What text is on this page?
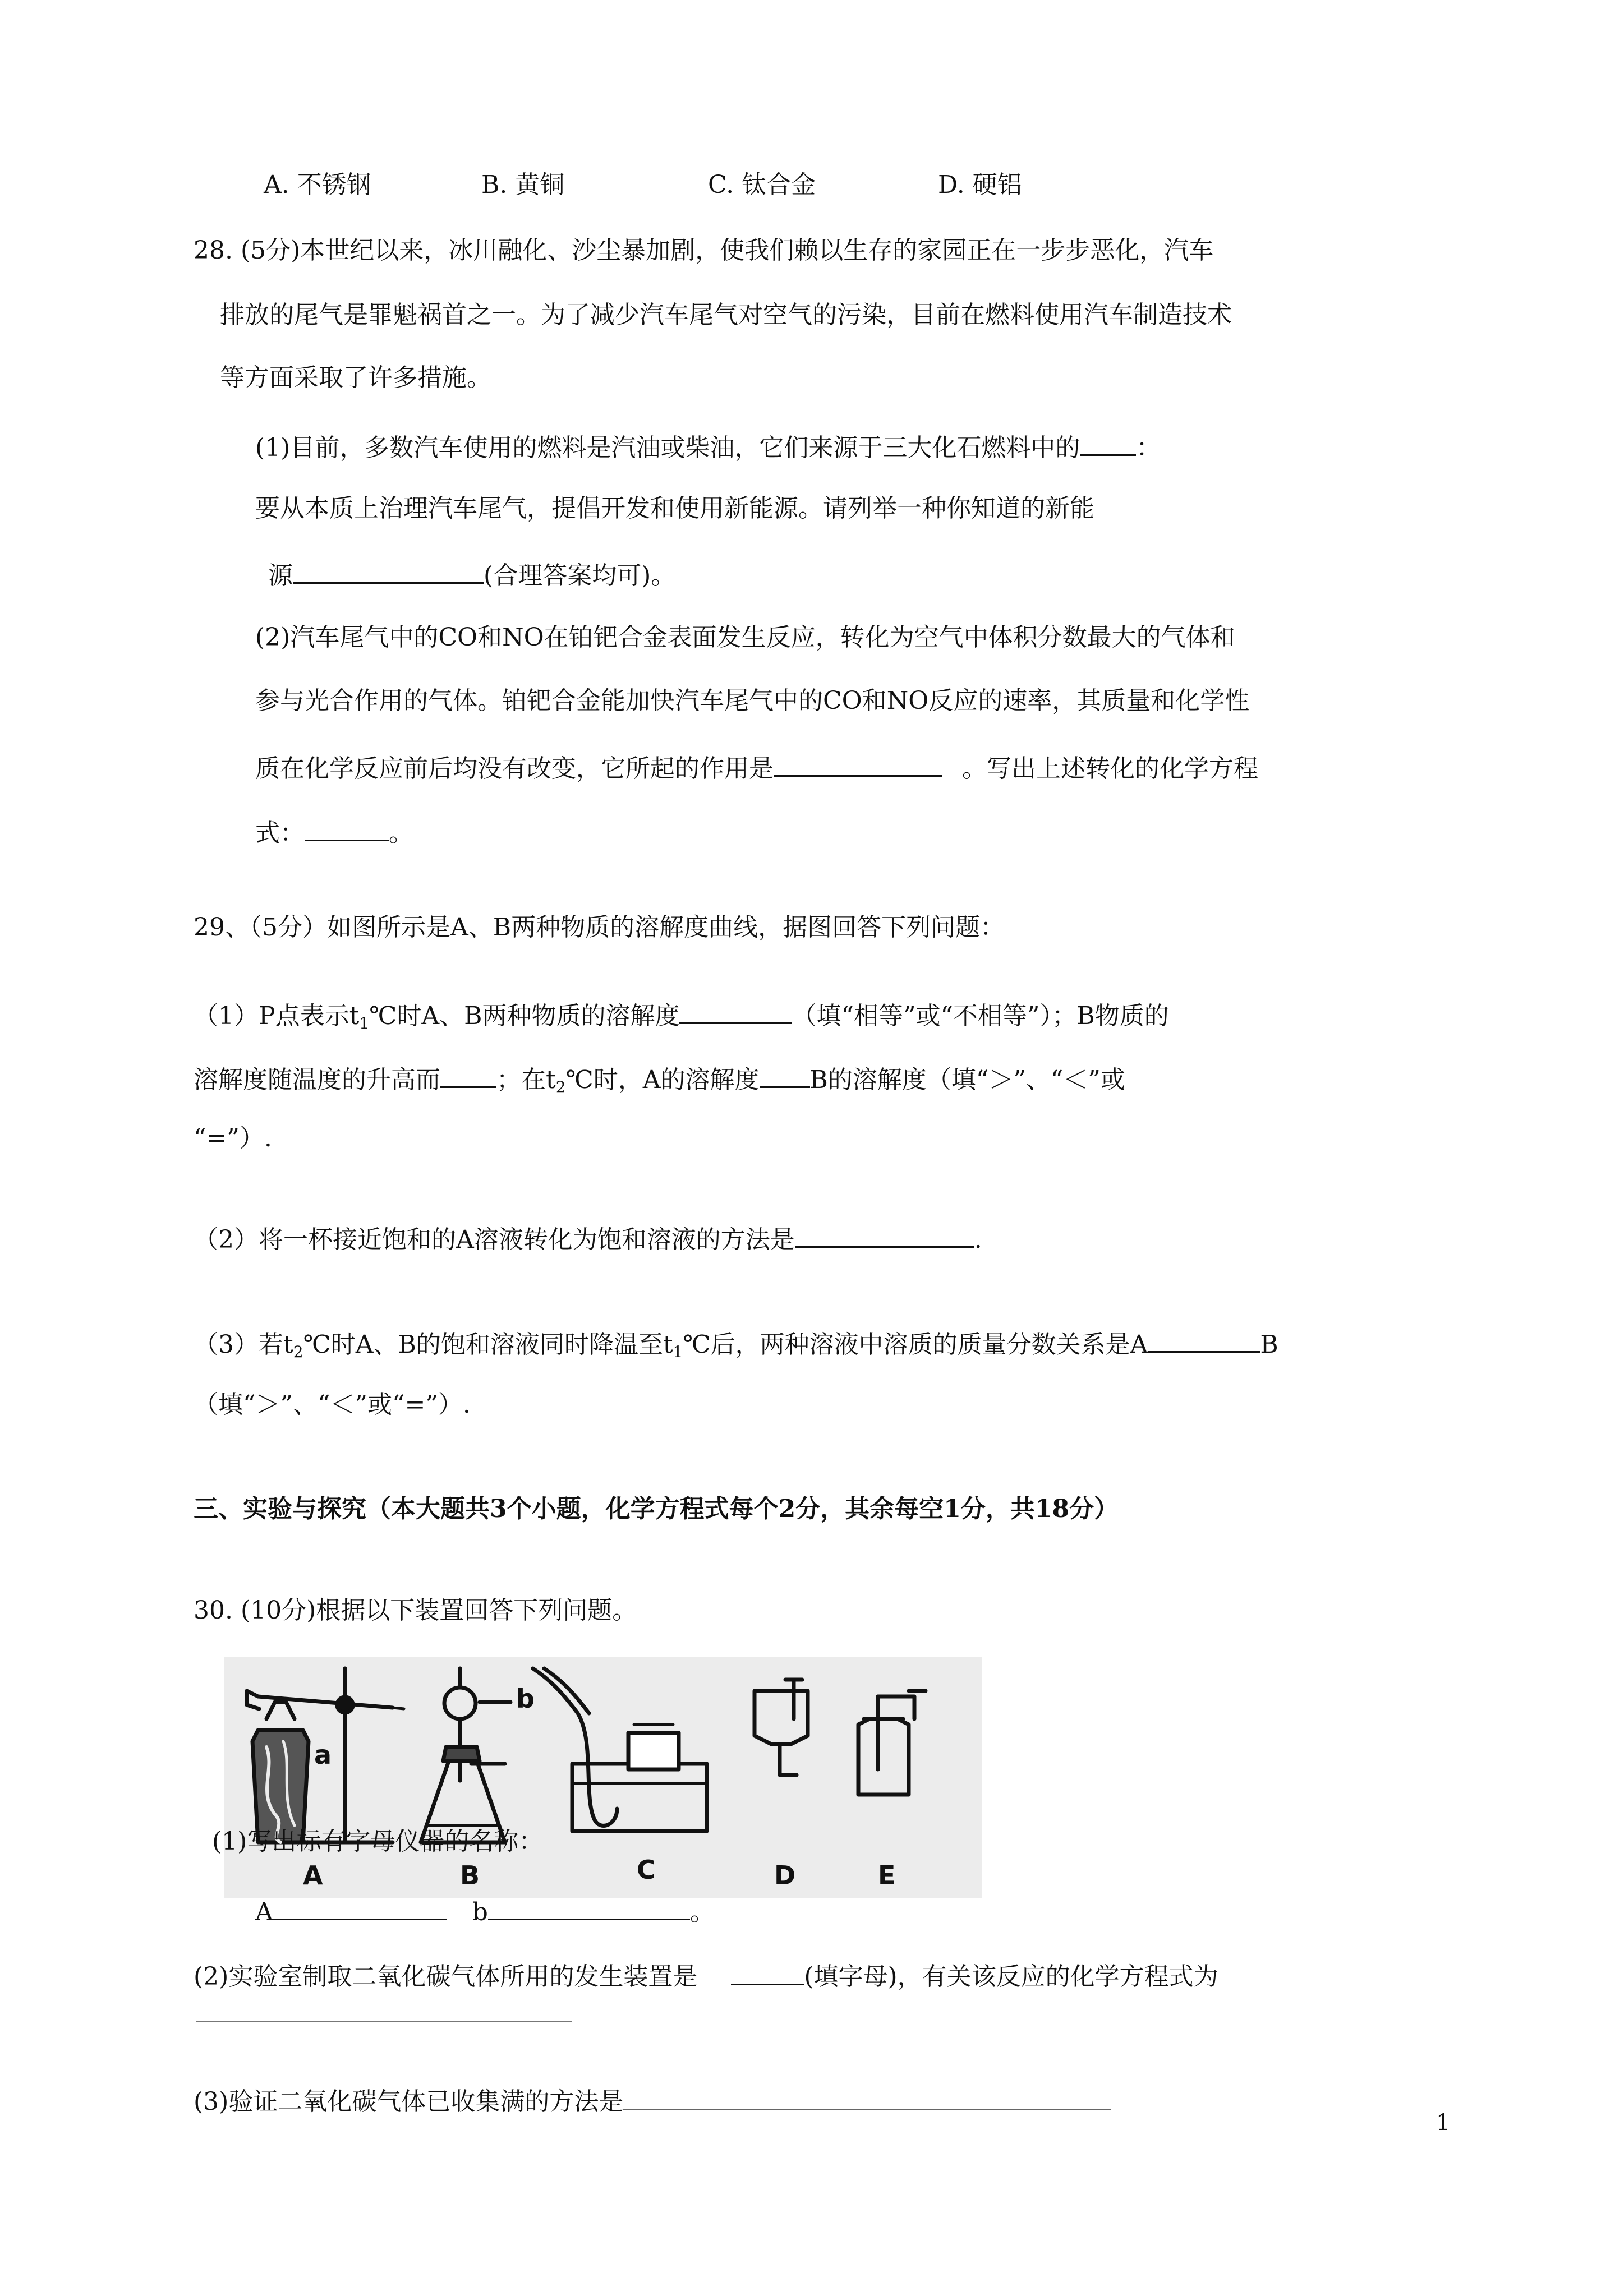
A. 不锈钢	B. 黄铜	C. 钛合金	D. 硬铝
28. (5分)本世纪以来，冰川融化、沙尘暴加剧，使我们赖以生存的家园正在一步步恶化，汽车
排放的尾气是罪魁祸首之一。为了减少汽车尾气对空气的污染，目前在燃料使用汽车制造技术
等方面采取了许多措施。
(1)目前，多数汽车使用的燃料是汽油或柴油，它们来源于三大化石燃料中的 ：
要从本质上治理汽车尾气，提倡开发和使用新能源。请列举一种你知道的新能
源	(合理答案均可)。
(2)汽车尾气中的CO和NO在铂钯合金表面发生反应，转化为空气中体积分数最大的气体和
参与光合作用的气体。铂钯合金能加快汽车尾气中的CO和NO反应的速率，其质量和化学性
质在化学反应前后均没有改变，它所起的作用是	。写出上述转化的化学方程
式：	。
29、（5分）如图所示是A、B两种物质的溶解度曲线，据图回答下列问题：
（1）P点表示$t_1℃$时A、B两种物质的溶解度	（填“相等”或“不相等”）；B物质的
溶解度随温度的升高而 ；在$t_2℃$时，A的溶解度 B的溶解度（填“＞”、“＜”或
“=”）.
（2）将一杯接近饱和的A溶液转化为饱和溶液的方法是	.
（3）若$t_2℃$时A、B的饱和溶液同时降温至$t_1℃$后，两种溶液中溶质的质量分数关系是A	B
（填“＞”、“＜”或“=”）.
三、实验与探究（本大题共3个小题，化学方程式每个2分，其余每空1分，共18分）
30. (10分)根据以下装置回答下列问题。
a
b
A	B	C	D	E
(1)写出标有字母仪器的名称：
A	b	。
(2)实验室制取二氧化碳气体所用的发生装置是	(填字母)，有关该反应的化学方程式为
(3)验证二氧化碳气体已收集满的方法是
1
